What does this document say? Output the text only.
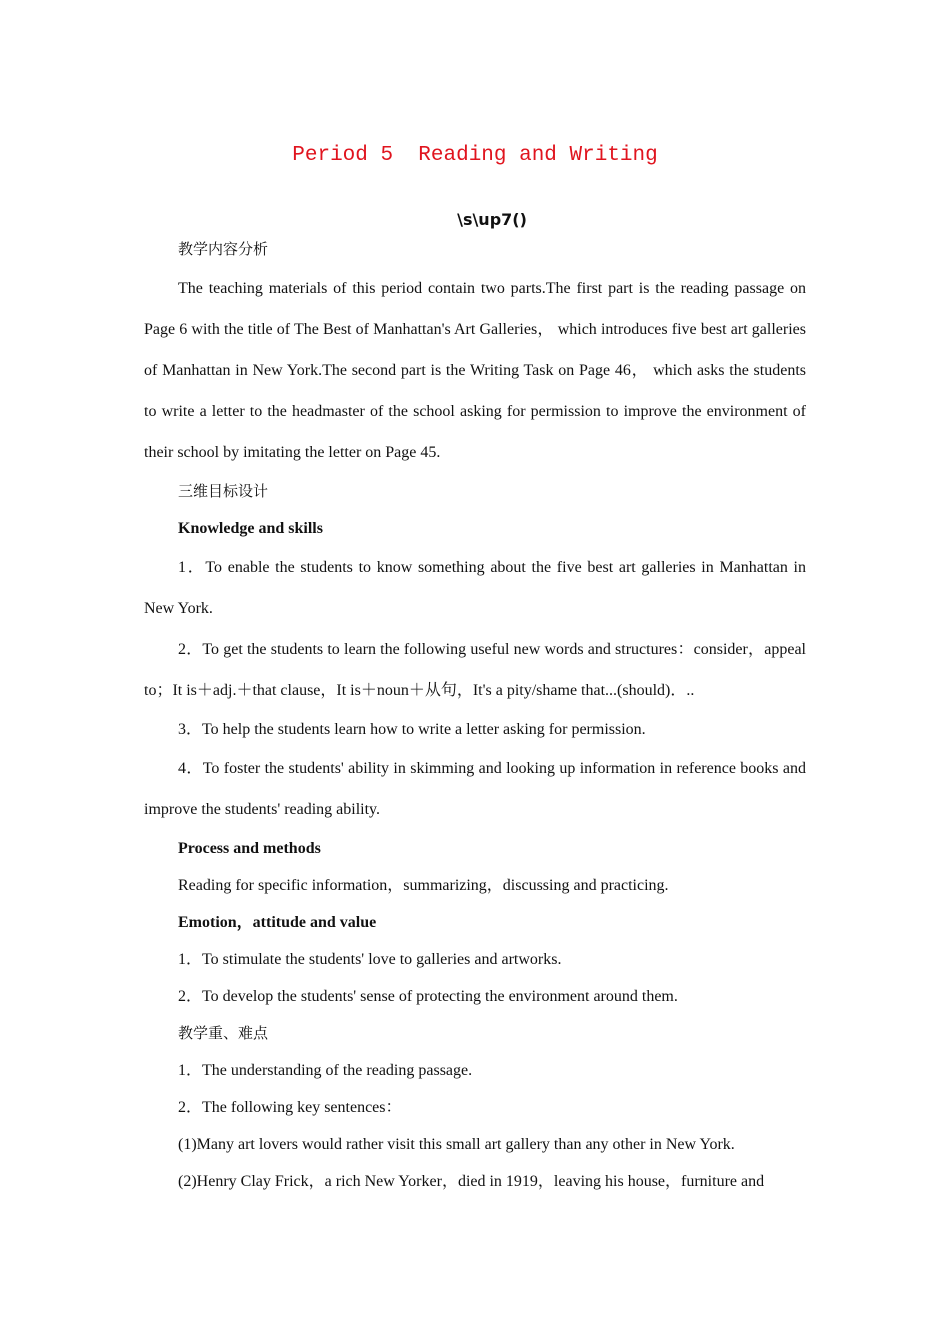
Period 5  Reading and Writing
\s\up7()

教学内容分析

The teaching materials of this period contain two parts.The first part is the reading passage on Page 6 with the title of The Best of Manhattan's Art Galleries， which introduces five best art galleries of Manhattan in New York.The second part is the Writing Task on Page 46， which asks the students to write a letter to the headmaster of the school asking for permission to improve the environment of their school by imitating the letter on Page 45.

三维目标设计

Knowledge and skills

1．To enable the students to know something about the five best art galleries in Manhattan in New York.

2．To get the students to learn the following useful new words and structures：consider，appeal to；It is＋adj.＋that clause，It is＋noun＋从句，It's a pity/shame that...(should)．..

3．To help the students learn how to write a letter asking for permission.

4．To foster the students' ability in skimming and looking up information in reference books and improve the students' reading ability.

Process and methods

Reading for specific information，summarizing，discussing and practicing.

Emotion，attitude and value

1．To stimulate the students' love to galleries and artworks.

2．To develop the students' sense of protecting the environment around them.

教学重、难点

1．The understanding of the reading passage.

2．The following key sentences：

(1)Many art lovers would rather visit this small art gallery than any other in New York.

(2)Henry Clay Frick，a rich New Yorker，died in 1919，leaving his house，furniture and
